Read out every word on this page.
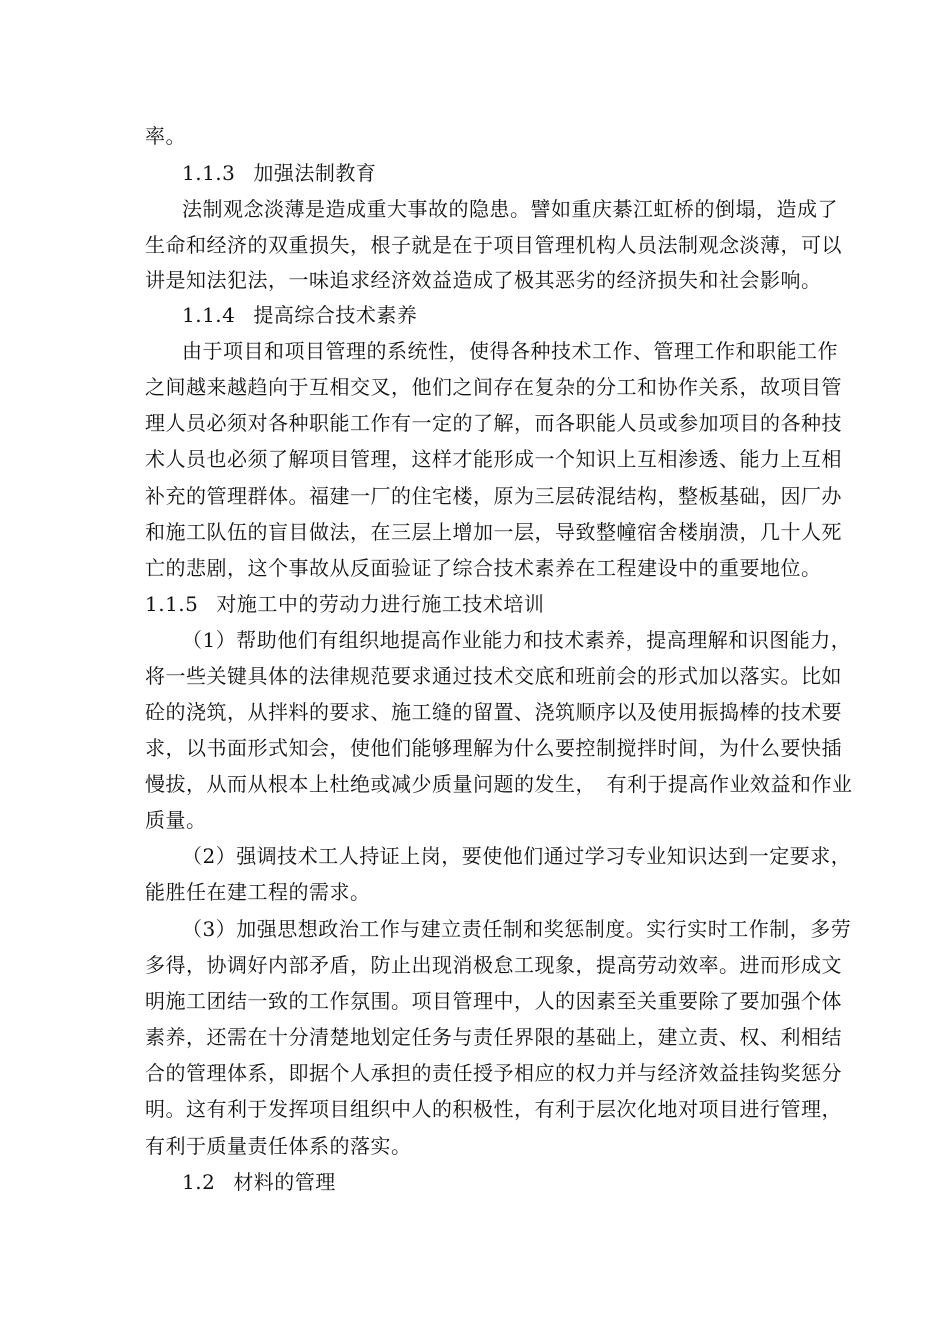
率。
1.1.3 加强法制教育
法制观念淡薄是造成重大事故的隐患。譬如重庆綦江虹桥的倒塌，造成了
生命和经济的双重损失，根子就是在于项目管理机构人员法制观念淡薄，可以
讲是知法犯法，一味追求经济效益造成了极其恶劣的经济损失和社会影响。
1.1.4 提高综合技术素养
由于项目和项目管理的系统性，使得各种技术工作、管理工作和职能工作
之间越来越趋向于互相交叉，他们之间存在复杂的分工和协作关系，故项目管
理人员必须对各种职能工作有一定的了解，而各职能人员或参加项目的各种技
术人员也必须了解项目管理，这样才能形成一个知识上互相渗透、能力上互相
补充的管理群体。福建一厂的住宅楼，原为三层砖混结构，整板基础，因厂办
和施工队伍的盲目做法，在三层上增加一层，导致整幢宿舍楼崩溃，几十人死
亡的悲剧，这个事故从反面验证了综合技术素养在工程建设中的重要地位。
1.1.5 对施工中的劳动力进行施工技术培训
（1）帮助他们有组织地提高作业能力和技术素养，提高理解和识图能力，
将一些关键具体的法律规范要求通过技术交底和班前会的形式加以落实。比如
砼的浇筑，从拌料的要求、施工缝的留置、浇筑顺序以及使用振捣棒的技术要
求，以书面形式知会，使他们能够理解为什么要控制搅拌时间，为什么要快插
慢拔，从而从根本上杜绝或减少质量问题的发生，　有利于提高作业效益和作业
质量。
（2）强调技术工人持证上岗，要使他们通过学习专业知识达到一定要求，
能胜任在建工程的需求。
（3）加强思想政治工作与建立责任制和奖惩制度。实行实时工作制，多劳
多得，协调好内部矛盾，防止出现消极怠工现象，提高劳动效率。进而形成文
明施工团结一致的工作氛围。项目管理中，人的因素至关重要除了要加强个体
素养，还需在十分清楚地划定任务与责任界限的基础上，建立责、权、利相结
合的管理体系，即据个人承担的责任授予相应的权力并与经济效益挂钩奖惩分
明。这有利于发挥项目组织中人的积极性，有利于层次化地对项目进行管理，
有利于质量责任体系的落实。
1.2 材料的管理
